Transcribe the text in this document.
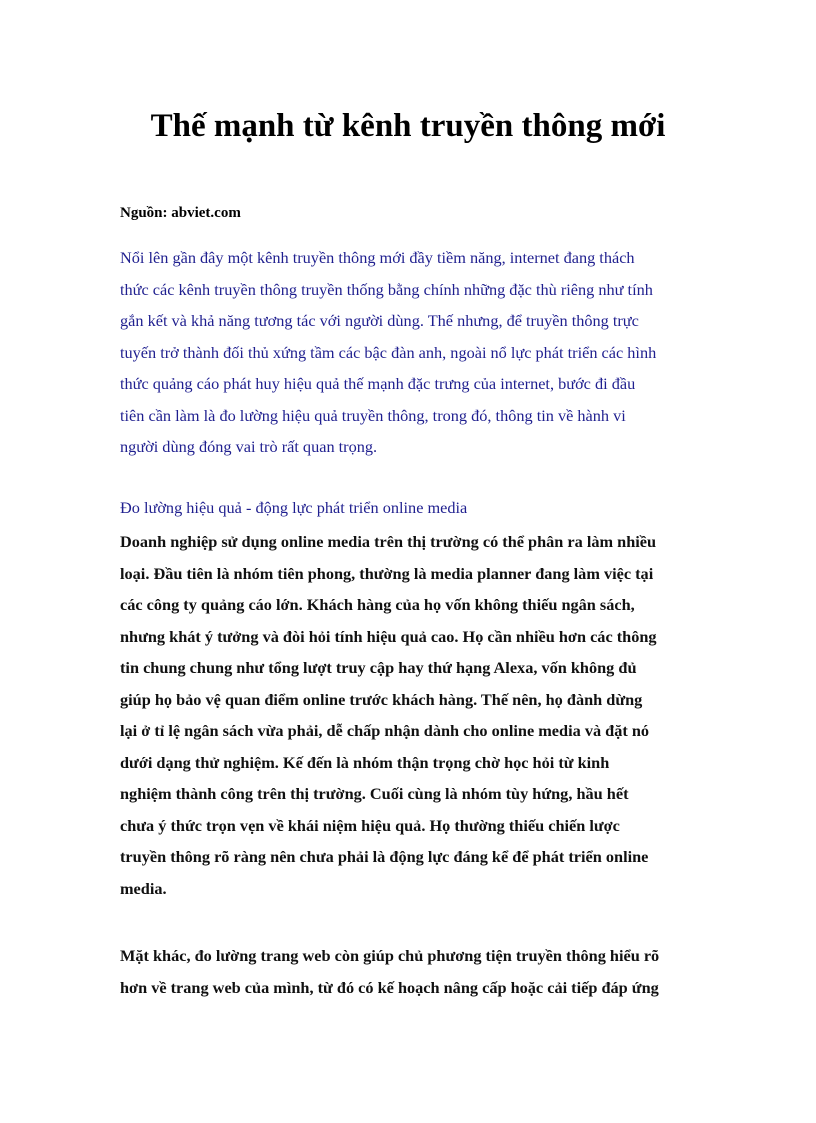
Thế mạnh từ kênh truyền thông mới
Nguồn: abviet.com

Nổi lên gần đây một kênh truyền thông mới đầy tiềm năng, internet đang thách
thức các kênh truyền thông truyền thống bằng chính những đặc thù riêng như tính
gắn kết và khả năng tương tác với người dùng. Thế nhưng, để truyền thông trực
tuyến trở thành đối thủ xứng tầm các bậc đàn anh, ngoài nổ lực phát triển các hình
thức quảng cáo phát huy hiệu quả thế mạnh đặc trưng của internet, bước đi đầu
tiên cần làm là đo lường hiệu quả truyền thông, trong đó, thông tin về hành vi
người dùng đóng vai trò rất quan trọng.

Đo lường hiệu quả - động lực phát triển online media

Doanh nghiệp sử dụng online media trên thị trường có thể phân ra làm nhiều
loại. Đầu tiên là nhóm tiên phong, thường là media planner đang làm việc tại
các công ty quảng cáo lớn. Khách hàng của họ vốn không thiếu ngân sách,
nhưng khát ý tưởng và đòi hỏi tính hiệu quả cao. Họ cần nhiều hơn các thông
tin chung chung như tổng lượt truy cập hay thứ hạng Alexa, vốn không đủ
giúp họ bảo vệ quan điểm online trước khách hàng. Thế nên, họ đành dừng
lại ở tỉ lệ ngân sách vừa phải, dễ chấp nhận dành cho online media và đặt nó
dưới dạng thử nghiệm. Kế đến là nhóm thận trọng chờ học hỏi từ kinh
nghiệm thành công trên thị trường. Cuối cùng là nhóm tùy hứng, hầu hết
chưa ý thức trọn vẹn về khái niệm hiệu quả. Họ thường thiếu chiến lược
truyền thông rõ ràng nên chưa phải là động lực đáng kể để phát triển online
media.

Mặt khác, đo lường trang web còn giúp chủ phương tiện truyền thông hiểu rõ
hơn về trang web của mình, từ đó có kế hoạch nâng cấp hoặc cải tiếp đáp ứng
